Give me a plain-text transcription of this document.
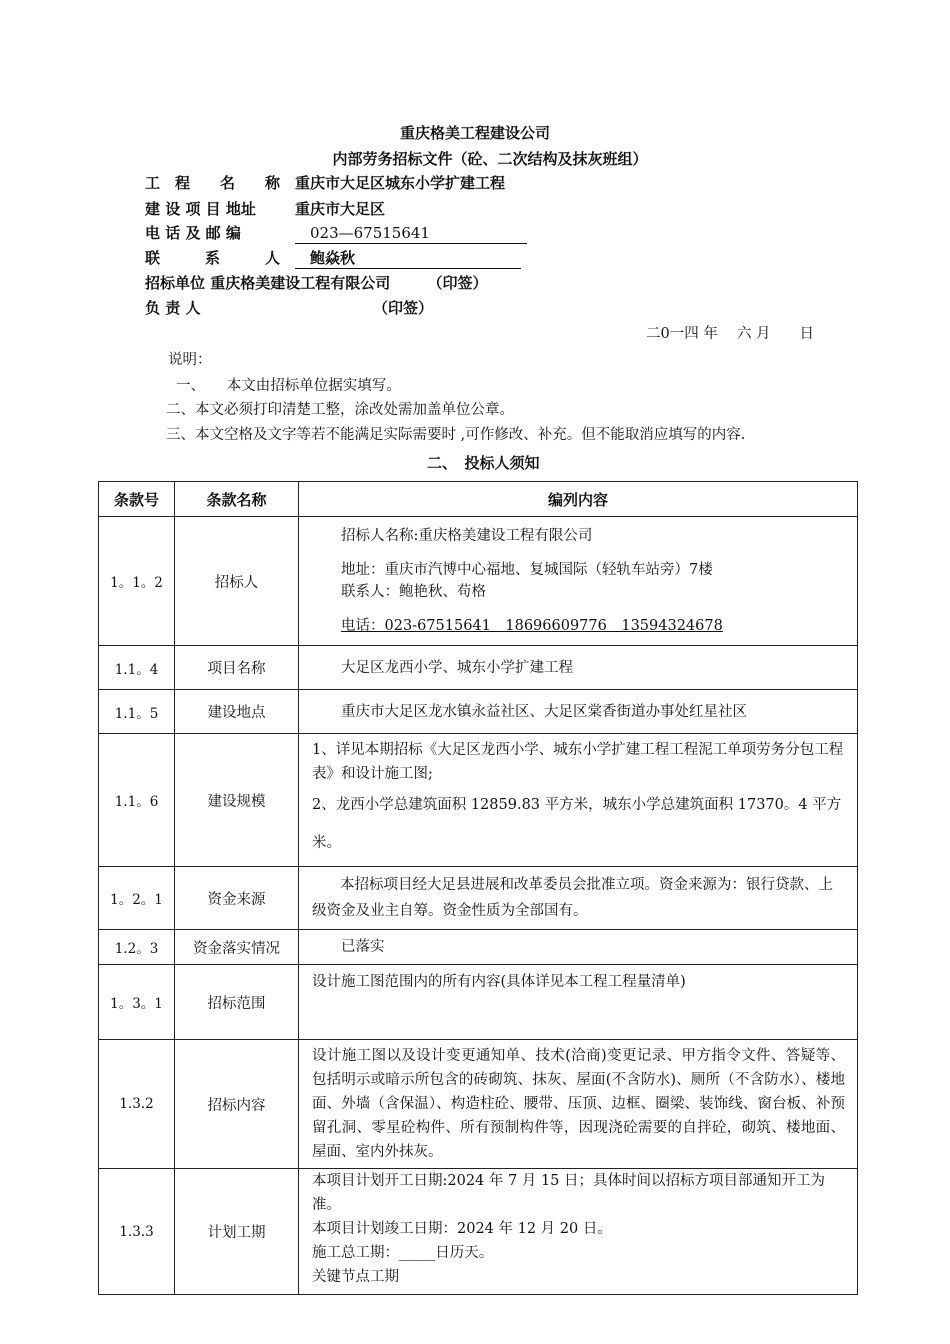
重庆格美工程建设公司
内部劳务招标文件（砼、二次结构及抹灰班组）
工　程　　名　　称 重庆市大足区城东小学扩建工程
建 设 项 目 地址	重庆市大足区
电 话 及 邮 编	　023—67515641
联　　　系　　　人　鲍焱秋
招标单位 重庆格美建设工程有限公司 （印签）
负 责 人	（印签）
二0一四 年　 六 月　　日
说明：
一、　　本文由招标单位据实填写。
二、本文必须打印清楚工整，涂改处需加盖单位公章。
三、本文空格及文字等若不能满足实际需要时 ,可作修改、补充。但不能取消应填写的内容.
二、　投标人须知
条款号	条款名称	编列内容
1。1。2	招标人	招标人名称:重庆格美建设工程有限公司
地址：重庆市汽博中心福地、复城国际（轻轨车站旁）7楼
联系人：鲍艳秋、苟格
电话：023-67515641　18696609776　13594324678

1.1。4	项目名称	大足区龙西小学、城东小学扩建工程
1.1。5	建设地点	重庆市大足区龙水镇永益社区、大足区棠香街道办事处红星社区
1.1。6	建设规模	1、详见本期招标《大足区龙西小学、城东小学扩建工程工程泥工单项劳务分包工程表》和设计施工图;
2、龙西小学总建筑面积 12859.83 平方米，城东小学总建筑面积 17370。4 平方米。

1。2。1	资金来源	本招标项目经大足县进展和改革委员会批准立项。资金来源为：银行贷款、上级资金及业主自筹。资金性质为全部国有。
1.2。3	资金落实情况	已落实
1。3。1	招标范围	设计施工图范围内的所有内容(具体详见本工程工程量清单)
1.3.2	招标内容	设计施工图以及设计变更通知单、技术(洽商)变更记录、甲方指令文件、答疑等、包括明示或暗示所包含的砖砌筑、抹灰、屋面(不含防水)、厕所（不含防水）、楼地面、外墙（含保温）、构造柱砼、腰带、压顶、边框、圈梁、装饰线、窗台板、补预留孔洞、零星砼构件、所有预制构件等，因现浇砼需要的自拌砼，砌筑、楼地面、屋面、室内外抹灰。
1.3.3	计划工期	本项目计划开工日期:2024 年 7 月 15 日；具体时间以招标方项目部通知开工为准。
本项目计划竣工日期：2024 年 12 月 20 日。
施工总工期：_____日历天。
关键节点工期
